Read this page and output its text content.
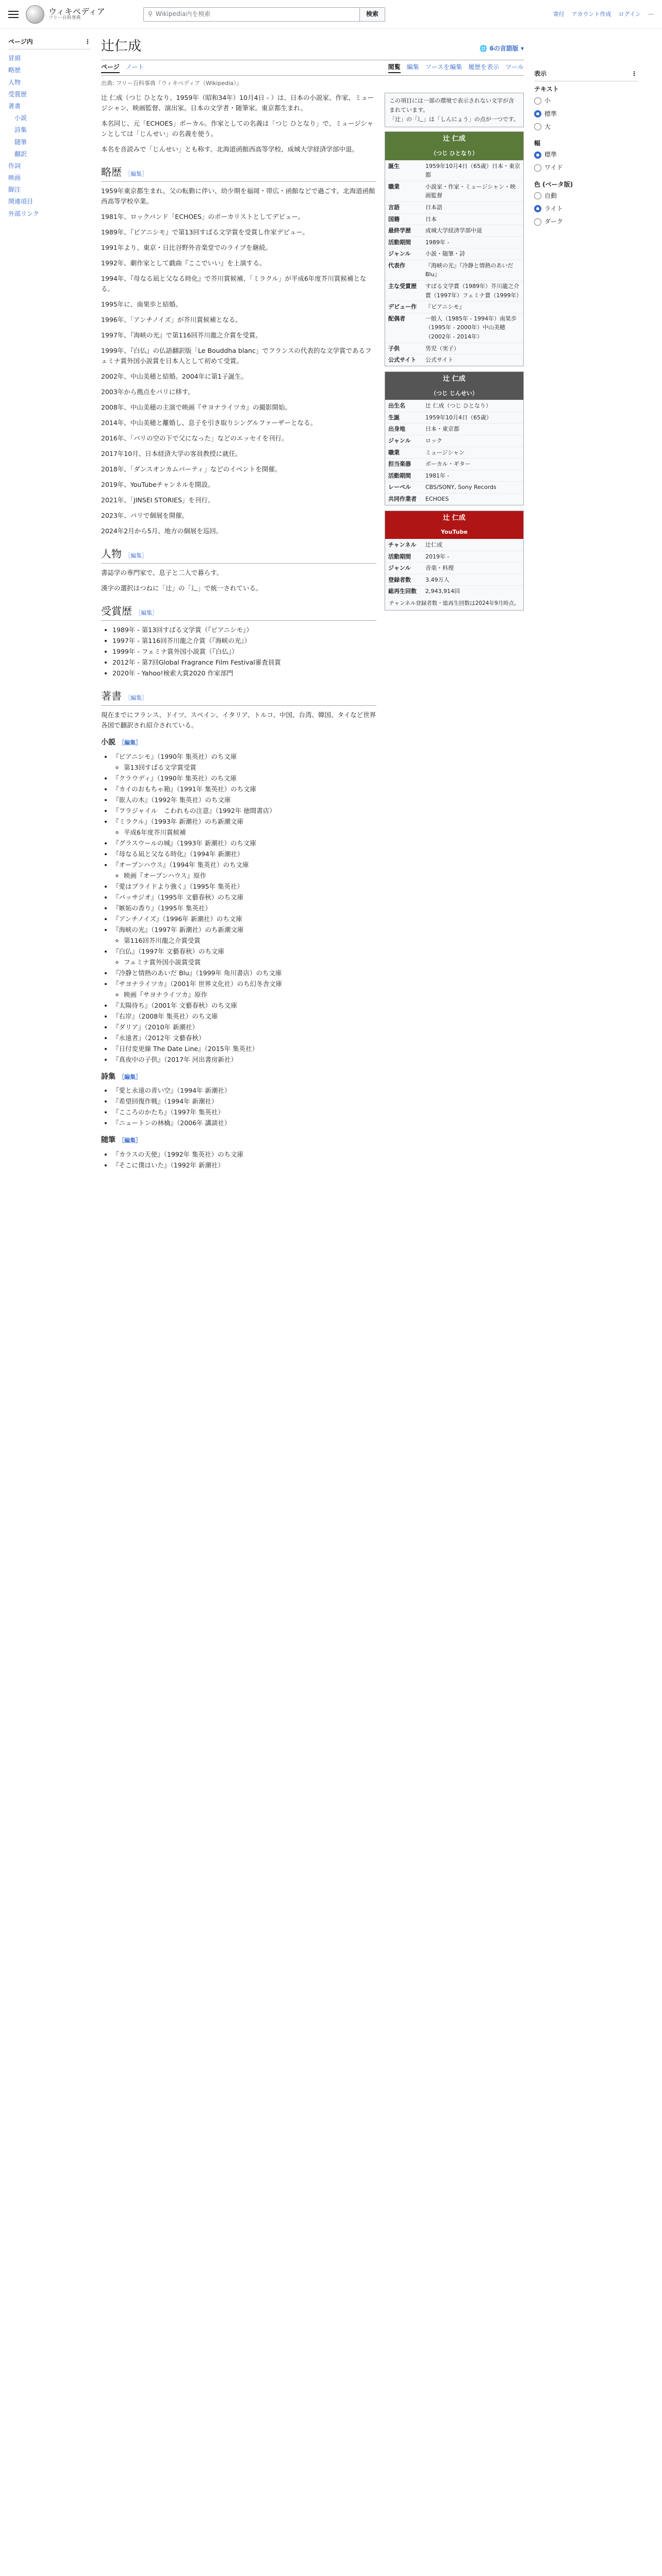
ウィキペディア
フリー百科事典
⚲ Wikipedia内を検索	検索	寄付 アカウント作成 ログイン ⋯
ページ内	⋮
冒頭
略歴
人物
受賞歴
著書
小説
詩集
随筆
翻訳
作詞
映画
脚注
関連項目
外部リンク
辻仁成	🌐 6の言語版 ▾
ページ ノート	閲覧 編集 ソースを編集 履歴を表示 ツール
出典: フリー百科事典『ウィキペディア（Wikipedia）』

辻 仁成（つじ ひとなり、1959年（昭和34年）10月4日 - ）は、日本の小説家、作家、ミュージシャン、映画監督、演出家。日本の文学者・随筆家。東京都生まれ。

本名同じ、元「ECHOES」ボーカル。作家としての名義は「つじ ひとなり」で、ミュージシャンとしては「じんせい」の名義を使う。

本名を音読みで「じんせい」とも称す。北海道函館西高等学校、成城大学経済学部中退。

略歴 ［編集］

1959年東京都生まれ。父の転勤に伴い、幼少期を福岡・帯広・函館などで過ごす。北海道函館西高等学校卒業。

1981年、ロックバンド「ECHOES」のボーカリストとしてデビュー。

1989年、『ピアニシモ』で第13回すばる文学賞を受賞し作家デビュー。

1991年より、東京・日比谷野外音楽堂でのライブを継続。

1992年、劇作家として戯曲『ここでいい』を上演する。

1994年、『母なる凪と父なる時化』で芥川賞候補、「ミラクル」が平成6年度芥川賞候補となる。

1995年に、南果歩と結婚。

1996年、「アンチノイズ」が芥川賞候補となる。

1997年、『海峡の光』で第116回芥川龍之介賞を受賞。

1999年、『白仏』の仏語翻訳版「Le Bouddha blanc」でフランスの代表的な文学賞であるフェミナ賞外国小説賞を日本人として初めて受賞。

2002年、中山美穂と結婚。2004年に第1子誕生。

2003年から拠点をパリに移す。

2008年、中山美穂の主演で映画『サヨナライツカ』の撮影開始。

2014年、中山美穂と離婚し、息子を引き取りシングルファーザーとなる。

2016年、「パリの空の下で父になった」などのエッセイを刊行。

2017年10月、日本経済大学の客員教授に就任。

2018年、「ダンスオンカムパーティ」などのイベントを開催。

2019年、YouTubeチャンネルを開設。

2021年、「JINSEI STORIES」を刊行。

2023年、パリで個展を開催。

2024年2月から5月、地方の個展を巡回。

人物 ［編集］

書誌学の専門家で、息子と二人で暮らす。

漢字の選択はつねに「辻」の「辶」で統一されている。

受賞歴 ［編集］
• 1989年 - 第13回すばる文学賞（『ピアニシモ』）
• 1997年 - 第116回芥川龍之介賞（『海峡の光』）
• 1999年 - フェミナ賞外国小説賞（『白仏』）
• 2012年 - 第7回Global Fragrance Film Festival審査員賞
• 2020年 - Yahoo!検索大賞2020 作家部門
著書 ［編集］

現在までにフランス、ドイツ、スペイン、イタリア、トルコ、中国、台湾、韓国、タイなど世界各国で翻訳され紹介されている。

小説 ［編集］
• 『ピアニシモ』（1990年 集英社）のち文庫
◦ 第13回すばる文学賞受賞
• 『クラウディ』（1990年 集英社）のち文庫
• 『カイのおもちゃ箱』（1991年 集英社）のち文庫
• 『旅人の木』（1992年 集英社）のち文庫
• 『フラジャイル　こわれもの注意』（1992年 徳間書店）
• 『ミラクル』（1993年 新潮社）のち新潮文庫
◦ 平成6年度芥川賞候補
• 『グラスウールの城』（1993年 新潮社）のち文庫
• 『母なる凪と父なる時化』（1994年 新潮社）
• 『オープンハウス』（1994年 集英社）のち文庫
◦ 映画『オープンハウス』原作
• 『愛はプライドより強く』（1995年 集英社）
• 『パッサジオ』（1995年 文藝春秋）のち文庫
• 『嫉妬の香り』（1995年 集英社）
• 『アンチノイズ』（1996年 新潮社）のち文庫
• 『海峡の光』（1997年 新潮社）のち新潮文庫
◦ 第116回芥川龍之介賞受賞
• 『白仏』（1997年 文藝春秋）のち文庫
◦ フェミナ賞外国小説賞受賞
• 『冷静と情熱のあいだ Blu』（1999年 角川書店）のち文庫
• 『サヨナライツカ』（2001年 世界文化社）のち幻冬舎文庫
◦ 映画『サヨナライツカ』原作
• 『太陽待ち』（2001年 文藝春秋）のち文庫
• 『右岸』（2008年 集英社）のち文庫
• 『ダリア』（2010年 新潮社）
• 『永遠者』（2012年 文藝春秋）
• 『日付変更線 The Date Line』（2015年 集英社）
• 『真夜中の子供』（2017年 河出書房新社）
詩集 ［編集］
• 『愛と永遠の青い空』（1994年 新潮社）
• 『希望回復作戦』（1994年 新潮社）
• 『こころのかたち』（1997年 集英社）
• 『ニュートンの林檎』（2006年 講談社）
随筆 ［編集］
• 『カラスの天使』（1992年 集英社）のち文庫
• 『そこに僕はいた』（1992年 新潮社）
この項目には一部の環境で表示されない文字が含まれています。
「辻」の「辶」は「しんにょう」の点が一つです。
辻 仁成
（つじ ひとなり）
誕生	1959年10月4日（65歳）日本・東京都
職業	小説家・作家・ミュージシャン・映画監督
言語	日本語
国籍	日本
最終学歴	成城大学経済学部中退
活動期間	1989年 -
ジャンル	小説・随筆・詩
代表作	『海峡の光』『冷静と情熱のあいだ Blu』
主な受賞歴	すばる文学賞（1989年）芥川龍之介賞（1997年）フェミナ賞（1999年）
デビュー作	『ピアニシモ』
配偶者	一般人（1985年 - 1994年）南果歩（1995年 - 2000年）中山美穂（2002年 - 2014年）
子供	男児（実子）
公式サイト	公式サイト
辻 仁成
（つじ じんせい）
出生名	辻 仁成（つじ ひとなり）
生誕	1959年10月4日（65歳）
出身地	日本・東京都
ジャンル	ロック
職業	ミュージシャン
担当楽器	ボーカル・ギター
活動期間	1981年 -
レーベル	CBS/SONY, Sony Records
共同作業者	ECHOES
辻 仁成
YouTube
チャンネル	辻仁成
活動期間	2019年 -
ジャンル	音楽・料理
登録者数	3.49万人
総再生回数	2,943,914回
チャンネル登録者数・総再生回数は2024年9月時点。
表示	⋮
テキスト
小
標準
大
幅
標準
ワイド
色 (ベータ版)
自動
ライト
ダーク
